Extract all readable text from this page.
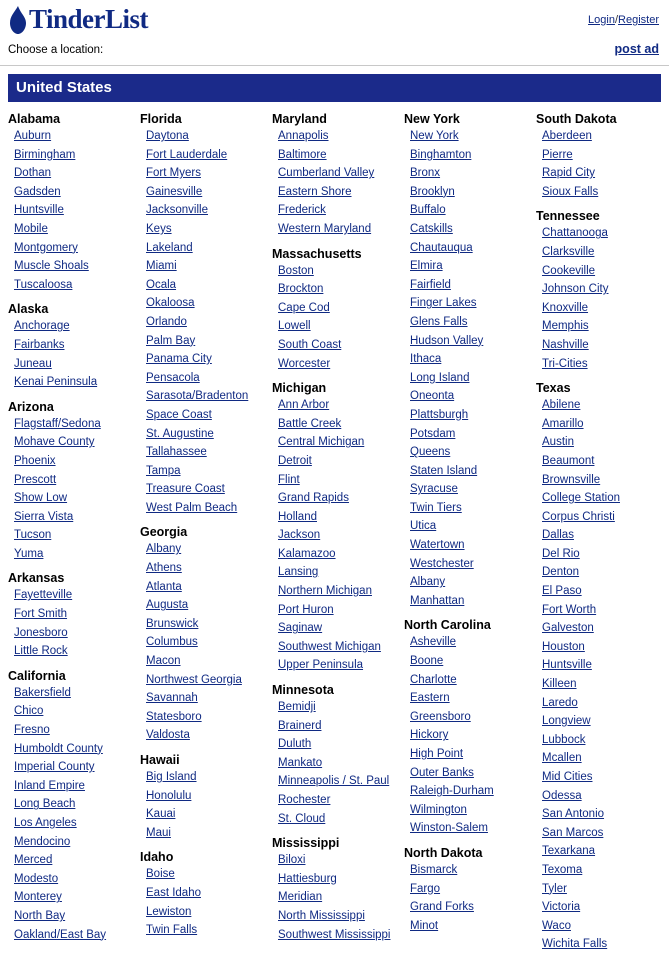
TinderList	Login/Register
Choose a location:	post ad
United States
Alabama
Auburn
Birmingham
Dothan
Gadsden
Huntsville
Mobile
Montgomery
Muscle Shoals
Tuscaloosa
Alaska
Anchorage
Fairbanks
Juneau
Kenai Peninsula
Arizona
Flagstaff/Sedona
Mohave County
Phoenix
Prescott
Show Low
Sierra Vista
Tucson
Yuma
Arkansas
Fayetteville
Fort Smith
Jonesboro
Little Rock
California
Bakersfield
Chico
Fresno
Humboldt County
Imperial County
Inland Empire
Long Beach
Los Angeles
Mendocino
Merced
Modesto
Monterey
North Bay
Oakland/East Bay
Florida
Daytona
Fort Lauderdale
Fort Myers
Gainesville
Jacksonville
Keys
Lakeland
Miami
Ocala
Okaloosa
Orlando
Palm Bay
Panama City
Pensacola
Sarasota/Bradenton
Space Coast
St. Augustine
Tallahassee
Tampa
Treasure Coast
West Palm Beach
Georgia
Albany
Athens
Atlanta
Augusta
Brunswick
Columbus
Macon
Northwest Georgia
Savannah
Statesboro
Valdosta
Hawaii
Big Island
Honolulu
Kauai
Maui
Idaho
Boise
East Idaho
Lewiston
Twin Falls
Maryland
Annapolis
Baltimore
Cumberland Valley
Eastern Shore
Frederick
Western Maryland
Massachusetts
Boston
Brockton
Cape Cod
Lowell
South Coast
Worcester
Michigan
Ann Arbor
Battle Creek
Central Michigan
Detroit
Flint
Grand Rapids
Holland
Jackson
Kalamazoo
Lansing
Northern Michigan
Port Huron
Saginaw
Southwest Michigan
Upper Peninsula
Minnesota
Bemidji
Brainerd
Duluth
Mankato
Minneapolis / St. Paul
Rochester
St. Cloud
Mississippi
Biloxi
Hattiesburg
Meridian
North Mississippi
Southwest Mississippi
New York
New York
Binghamton
Bronx
Brooklyn
Buffalo
Catskills
Chautauqua
Elmira
Fairfield
Finger Lakes
Glens Falls
Hudson Valley
Ithaca
Long Island
Oneonta
Plattsburgh
Potsdam
Queens
Staten Island
Syracuse
Twin Tiers
Utica
Watertown
Westchester
Albany
Manhattan
North Carolina
Asheville
Boone
Charlotte
Eastern
Greensboro
Hickory
High Point
Outer Banks
Raleigh-Durham
Wilmington
Winston-Salem
North Dakota
Bismarck
Fargo
Grand Forks
Minot
South Dakota
Aberdeen
Pierre
Rapid City
Sioux Falls
Tennessee
Chattanooga
Clarksville
Cookeville
Johnson City
Knoxville
Memphis
Nashville
Tri-Cities
Texas
Abilene
Amarillo
Austin
Beaumont
Brownsville
College Station
Corpus Christi
Dallas
Del Rio
Denton
El Paso
Fort Worth
Galveston
Houston
Huntsville
Killeen
Laredo
Longview
Lubbock
Mcallen
Mid Cities
Odessa
San Antonio
San Marcos
Texarkana
Texoma
Tyler
Victoria
Waco
Wichita Falls
